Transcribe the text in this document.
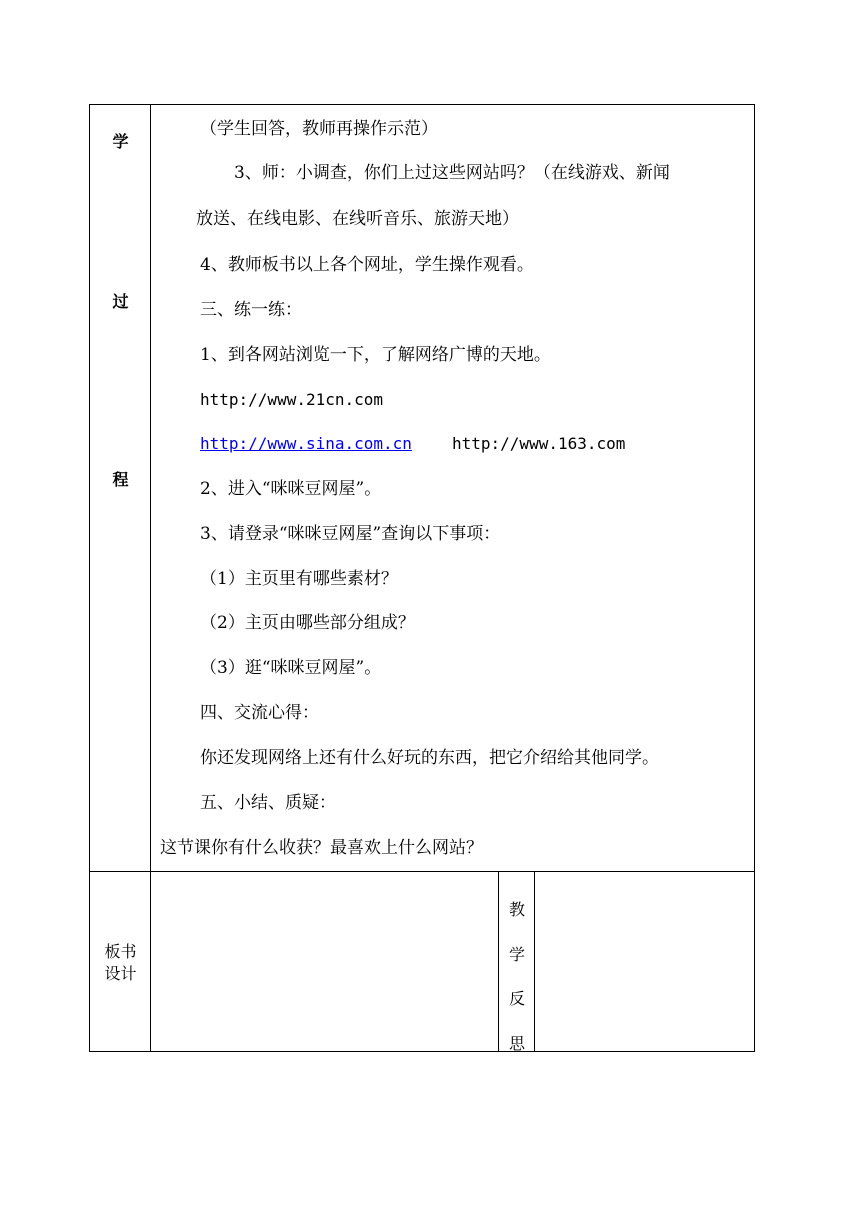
学
过
程
（学生回答，教师再操作示范）
3、师：小调查，你们上过这些网站吗？（在线游戏、新闻
放送、在线电影、在线听音乐、旅游天地）
4、教师板书以上各个网址，学生操作观看。
三、练一练：
1、到各网站浏览一下，了解网络广博的天地。
http://www.21cn.com
http://www.sina.com.cn	http://www.163.com
2、进入“咪咪豆网屋”。
3、请登录“咪咪豆网屋”查询以下事项：
（1）主页里有哪些素材？
（2）主页由哪些部分组成？
（3）逛“咪咪豆网屋”。
四、交流心得：
你还发现网络上还有什么好玩的东西，把它介绍给其他同学。
五、小结、质疑：
这节课你有什么收获？最喜欢上什么网站？
板书
设计
教
学
反
思
